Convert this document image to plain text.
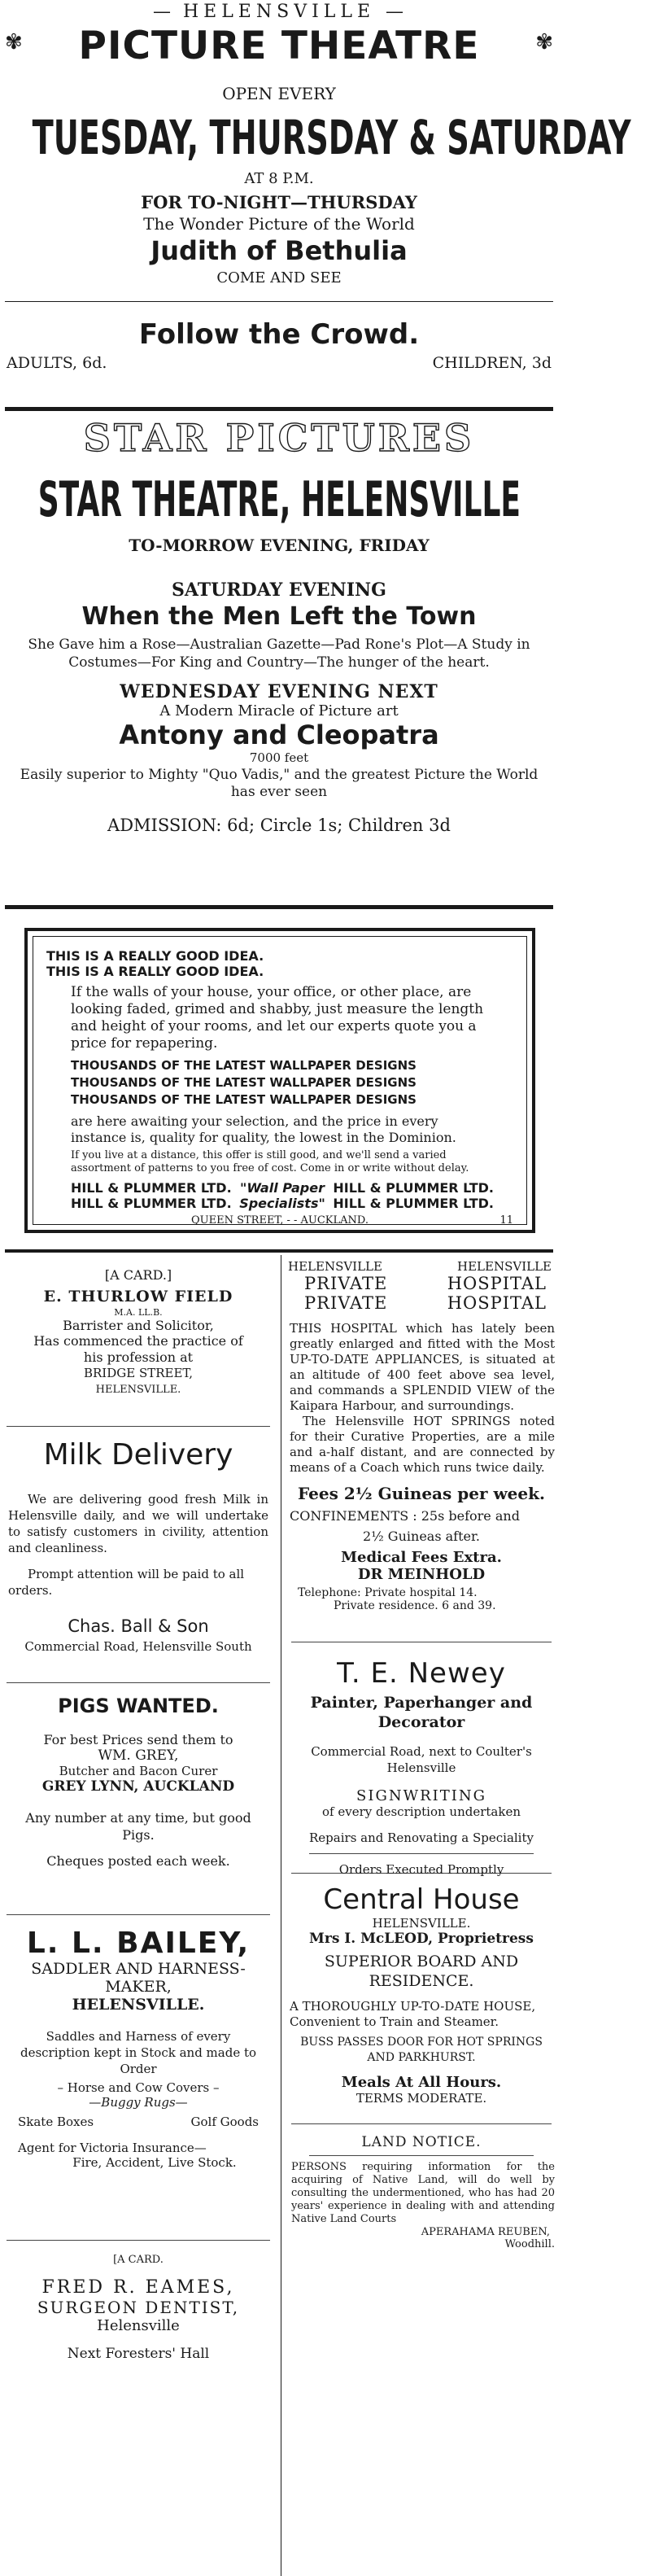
— HELENSVILLE —
✾ PICTURE THEATRE	✾
OPEN EVERY
TUESDAY, THURSDAY & SATURDAY
AT 8 P.M.
FOR TO-NIGHT—THURSDAY
The Wonder Picture of the World
Judith of Bethulia
COME AND SEE
Follow the Crowd.
ADULTS, 6d.	CHILDREN, 3d
STAR PICTURES
STAR THEATRE, HELENSVILLE
TO-MORROW EVENING, FRIDAY
SATURDAY EVENING
When the Men Left the Town
She Gave him a Rose—Australian Gazette—Pad Rone's Plot—A Study in Costumes—For King and Country—The hunger of the heart.
WEDNESDAY EVENING NEXT
A Modern Miracle of Picture art
Antony and Cleopatra
7000 feet
Easily superior to Mighty "Quo Vadis," and the greatest Picture the World has ever seen
ADMISSION: 6d; Circle 1s; Children 3d
THIS IS A REALLY GOOD IDEA.
THIS IS A REALLY GOOD IDEA.
If the walls of your house, your office, or other place, are looking faded, grimed and shabby, just measure the length and height of your rooms, and let our experts quote you a price for repapering.
THOUSANDS OF THE LATEST WALLPAPER DESIGNS
THOUSANDS OF THE LATEST WALLPAPER DESIGNS
THOUSANDS OF THE LATEST WALLPAPER DESIGNS
are here awaiting your selection, and the price in every instance is, quality for quality, the lowest in the Dominion.
If you live at a distance, this offer is still good, and we'll send a varied assortment of patterns to you free of cost. Come in or write without delay.
HILL & PLUMMER LTD. "Wall Paper HILL & PLUMMER LTD.
HILL & PLUMMER LTD. Specialists" HILL & PLUMMER LTD.
QUEEN STREET, - - AUCKLAND.	11
[A CARD.]
E. THURLOW FIELD
M.A. LL.B.
Barrister and Solicitor,
Has commenced the practice of his profession at
BRIDGE STREET,
HELENSVILLE.
Milk Delivery
We are delivering good fresh Milk in Helensville daily, and we will undertake to satisfy customers in civility, attention and cleanliness.
Prompt attention will be paid to all orders.
Chas. Ball & Son
Commercial Road, Helensville South
PIGS WANTED.
For best Prices send them to
WM. GREY,
Butcher and Bacon Curer
GREY LYNN, AUCKLAND
Any number at any time, but good Pigs.
Cheques posted each week.
L. L. BAILEY,
SADDLER AND HARNESS-
MAKER,
HELENSVILLE.
Saddles and Harness of every description kept in Stock and made to Order
– Horse and Cow Covers –
—Buggy Rugs—
Skate Boxes	Golf Goods
Agent for Victoria Insurance—
Fire, Accident, Live Stock.
[A CARD.
FRED R. EAMES,
SURGEON DENTIST,
Helensville
Next Foresters' Hall
HELENSVILLE	HELENSVILLE
PRIVATE	HOSPITAL
PRIVATE	HOSPITAL
THIS HOSPITAL which has lately been greatly enlarged and fitted with the Most UP-TO-DATE APPLIANCES, is situated at an altitude of 400 feet above sea level, and commands a SPLENDID VIEW of the Kaipara Harbour, and surroundings.
The Helensville HOT SPRINGS noted for their Curative Properties, are a mile and a-half distant, and are connected by means of a Coach which runs twice daily.
Fees 2½ Guineas per week.
CONFINEMENTS : 25s before and
2½ Guineas after.
Medical Fees Extra.
DR MEINHOLD
Telephone: Private hospital 14.
Private residence. 6 and 39.
T. E. Newey
Painter, Paperhanger and Decorator
Commercial Road, next to Coulter's Helensville
SIGNWRITING
of every description undertaken
Repairs and Renovating a Speciality
Orders Executed Promptly
Central House
HELENSVILLE.
Mrs I. McLEOD, Proprietress
SUPERIOR BOARD AND RESIDENCE.
A THOROUGHLY UP-TO-DATE HOUSE, Convenient to Train and Steamer.
BUSS PASSES DOOR FOR HOT SPRINGS AND PARKHURST.
Meals At All Hours.
TERMS MODERATE.
LAND NOTICE.
PERSONS requiring information for the acquiring of Native Land, will do well by consulting the undermentioned, who has had 20 years' experience in dealing with and attending Native Land Courts
APERAHAMA REUBEN,
Woodhill.
